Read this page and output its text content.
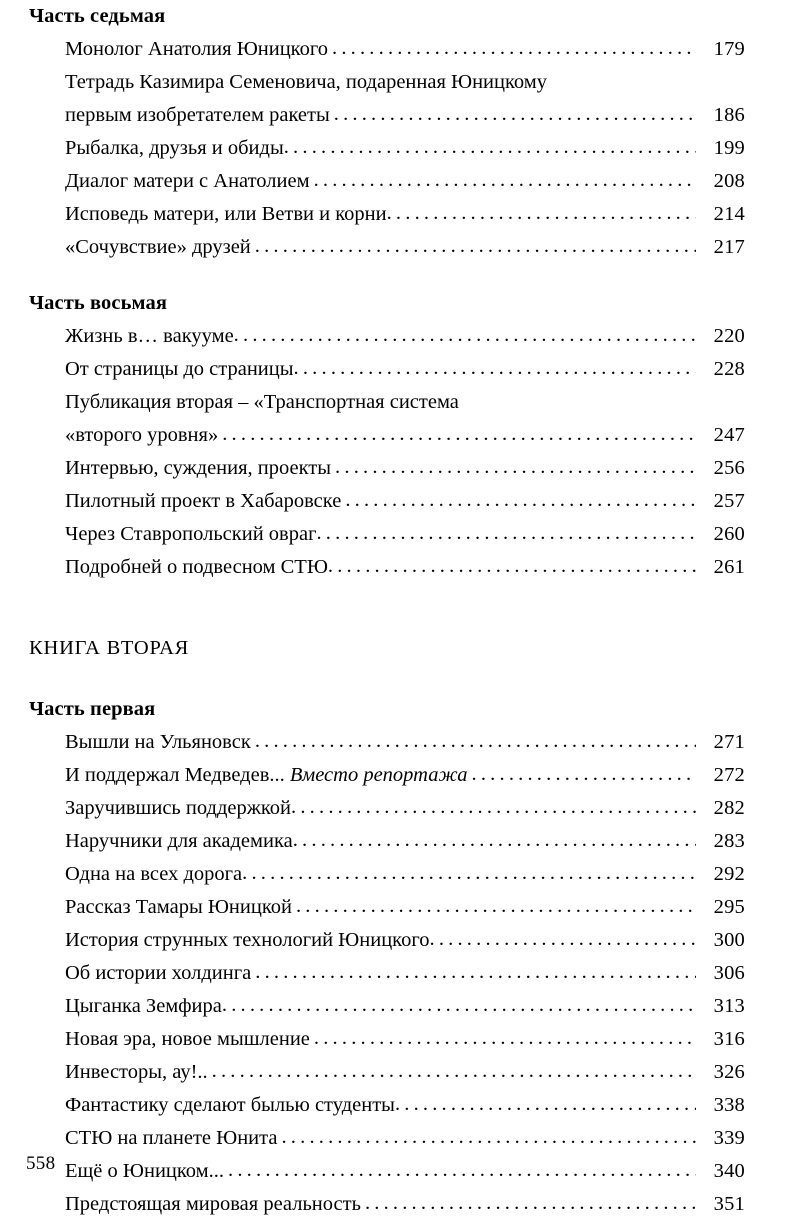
Часть седьмая
Монолог Анатолия Юницкого .....	179
Тетрадь Казимира Семеновича, подаренная Юницкому
первым изобретателем ракеты .....	186
Рыбалка, друзья и обиды .....	199
Диалог матери с Анатолием .....	208
Исповедь матери, или Ветви и корни .....	214
«Сочувствие» друзей .....	217
Часть восьмая
Жизнь в… вакууме .....	220
От страницы до страницы .....	228
Публикация вторая – «Транспортная система
«второго уровня» .....	247
Интервью, суждения, проекты .....	256
Пилотный проект в Хабаровске .....	257
Через Ставропольский овраг .....	260
Подробней о подвесном СТЮ .....	261
КНИГА ВТОРАЯ
Часть первая
Вышли на Ульяновск .....	271
И поддержал Медведев... Вместо репортажа .....	272
Заручившись поддержкой .....	282
Наручники для академика .....	283
Одна на всех дорога .....	292
Рассказ Тамары Юницкой .....	295
История струнных технологий Юницкого .....	300
Об истории холдинга .....	306
Цыганка Земфира .....	313
Новая эра, новое мышление .....	316
Инвесторы, ау!.. .....	326
Фантастику сделают былью студенты .....	338
СТЮ на планете Юнита .....	339
Ещё о Юницком... .....	340
Предстоящая мировая реальность .....	351
558
